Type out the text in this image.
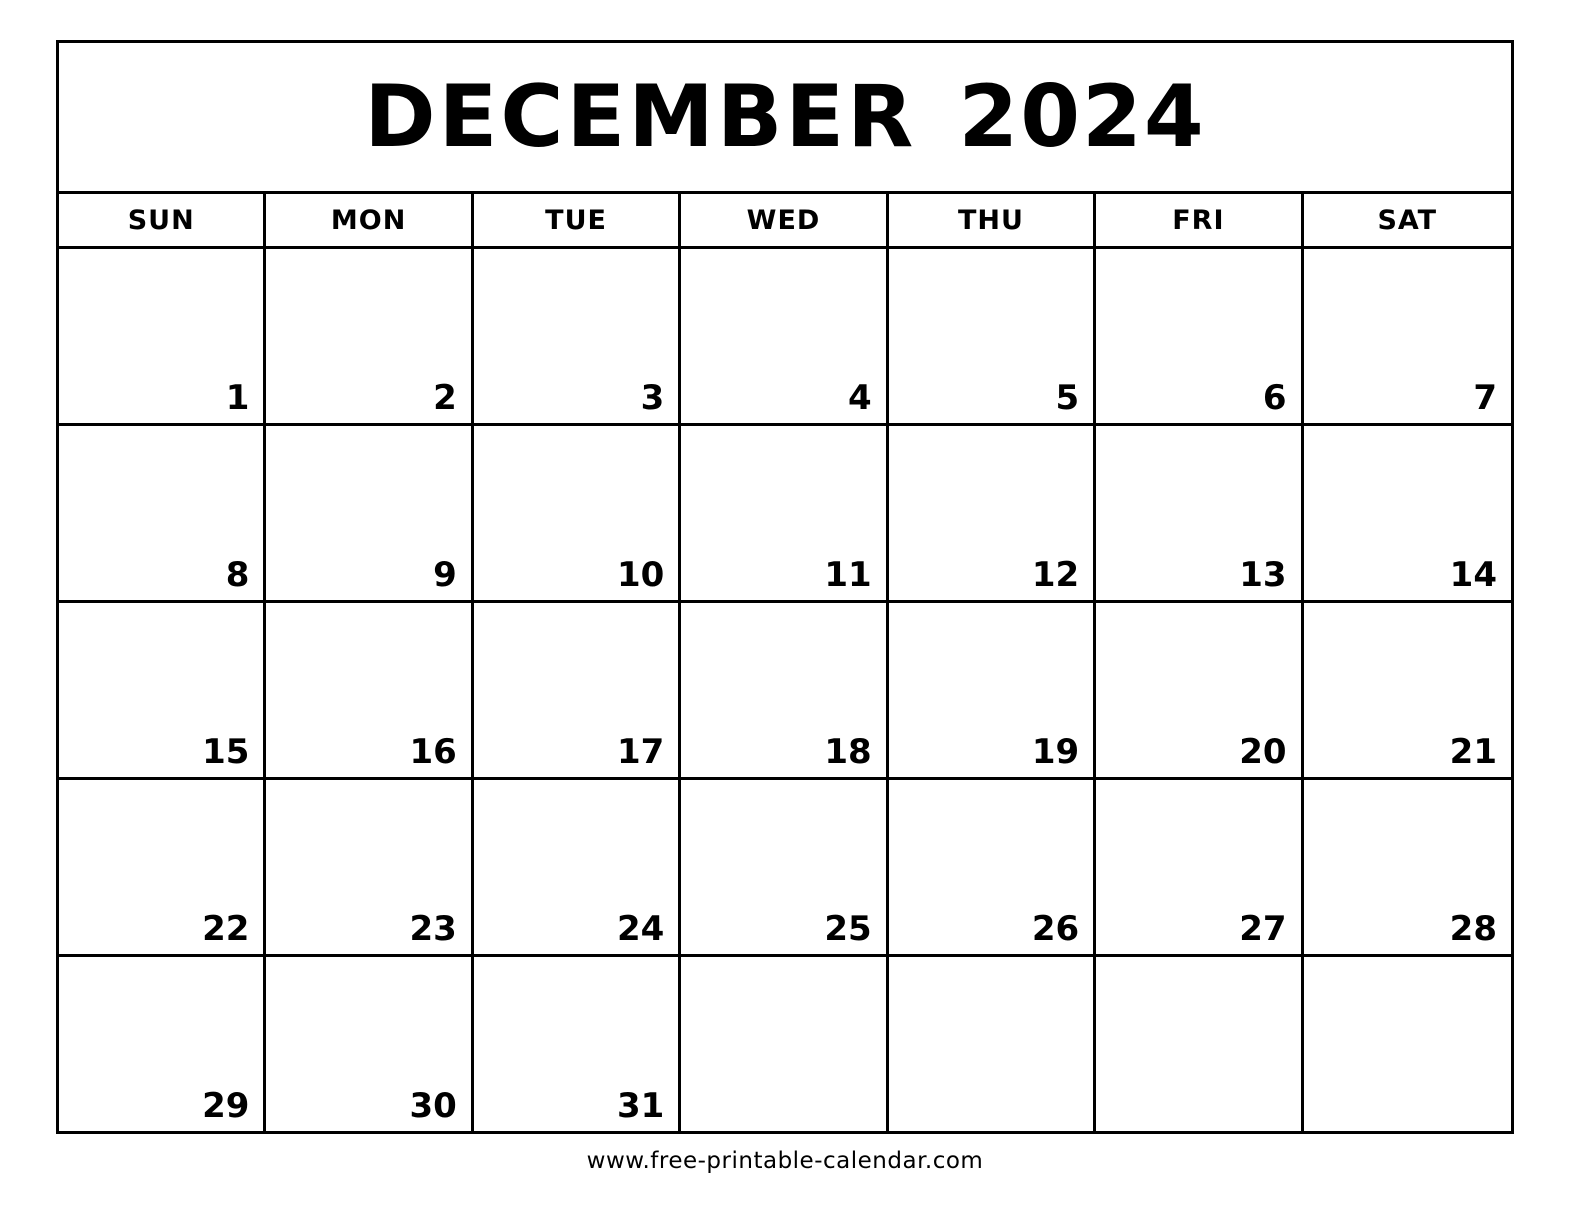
DECEMBER 2024
SUN	MON	TUE	WED	THU	FRI	SAT
1	2	3	4	5	6	7
8	9	10	11	12	13	14
15	16	17	18	19	20	21
22	23	24	25	26	27	28
29	30	31
www.free-printable-calendar.com
